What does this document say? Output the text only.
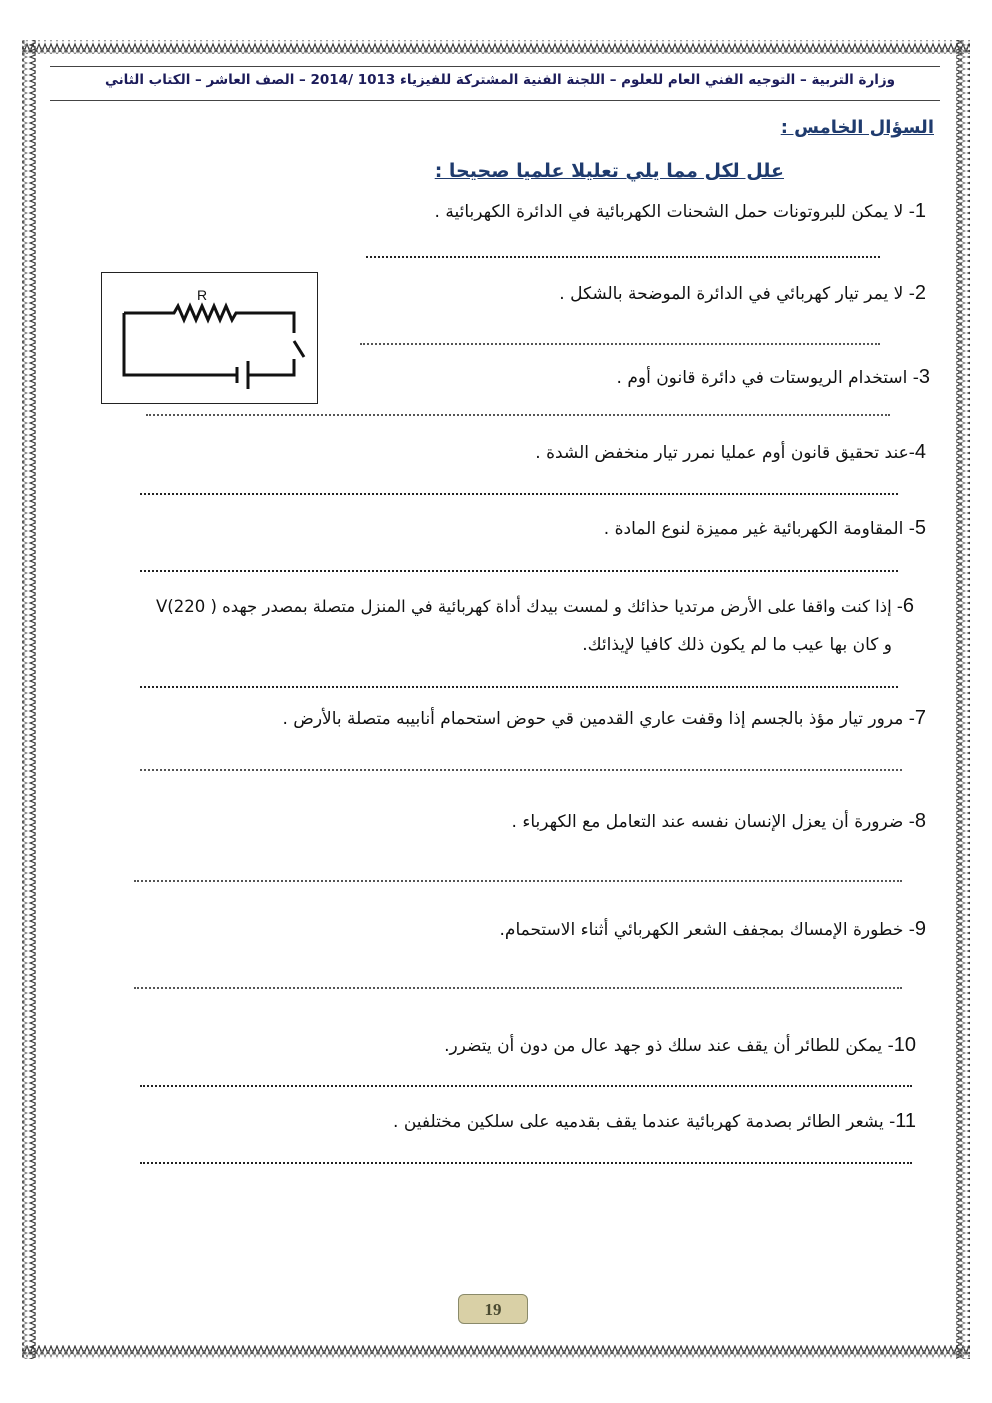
وزارة التربية – التوجيه الفني العام للعلوم – اللجنة الفنية المشتركة للفيزياء 1013 /2014 – الصف العاشر – الكتاب الثاني
السؤال الخامس :
علل لكل مما يلي تعليلا علميا صحيحا :
1- لا يمكن للبروتونات حمل الشحنات الكهربائية في الدائرة الكهربائية .
R	2- لا يمر تيار كهربائي في الدائرة الموضحة بالشكل .
3- استخدام الريوستات في دائرة قانون أوم .
4-عند تحقيق قانون أوم عمليا نمرر تيار منخفض الشدة .
5- المقاومة الكهربائية غير مميزة لنوع المادة .
6- إذا كنت واقفا على الأرض مرتديا حذائك و لمست بيدك أداة كهربائية في المنزل متصلة بمصدر جهده V(220 )
و كان بها عيب ما لم يكون ذلك كافيا لإيذائك.
7- مرور تيار مؤذ بالجسم إذا وقفت عاري القدمين قي حوض استحمام أنابيبه متصلة بالأرض .
8- ضرورة أن يعزل الإنسان نفسه عند التعامل مع الكهرباء .
9- خطورة الإمساك بمجفف الشعر الكهربائي أثناء الاستحمام.
10- يمكن للطائر أن يقف عند سلك ذو جهد عال من دون أن يتضرر.
11- يشعر الطائر بصدمة كهربائية عندما يقف بقدميه على سلكين مختلفين .
19
